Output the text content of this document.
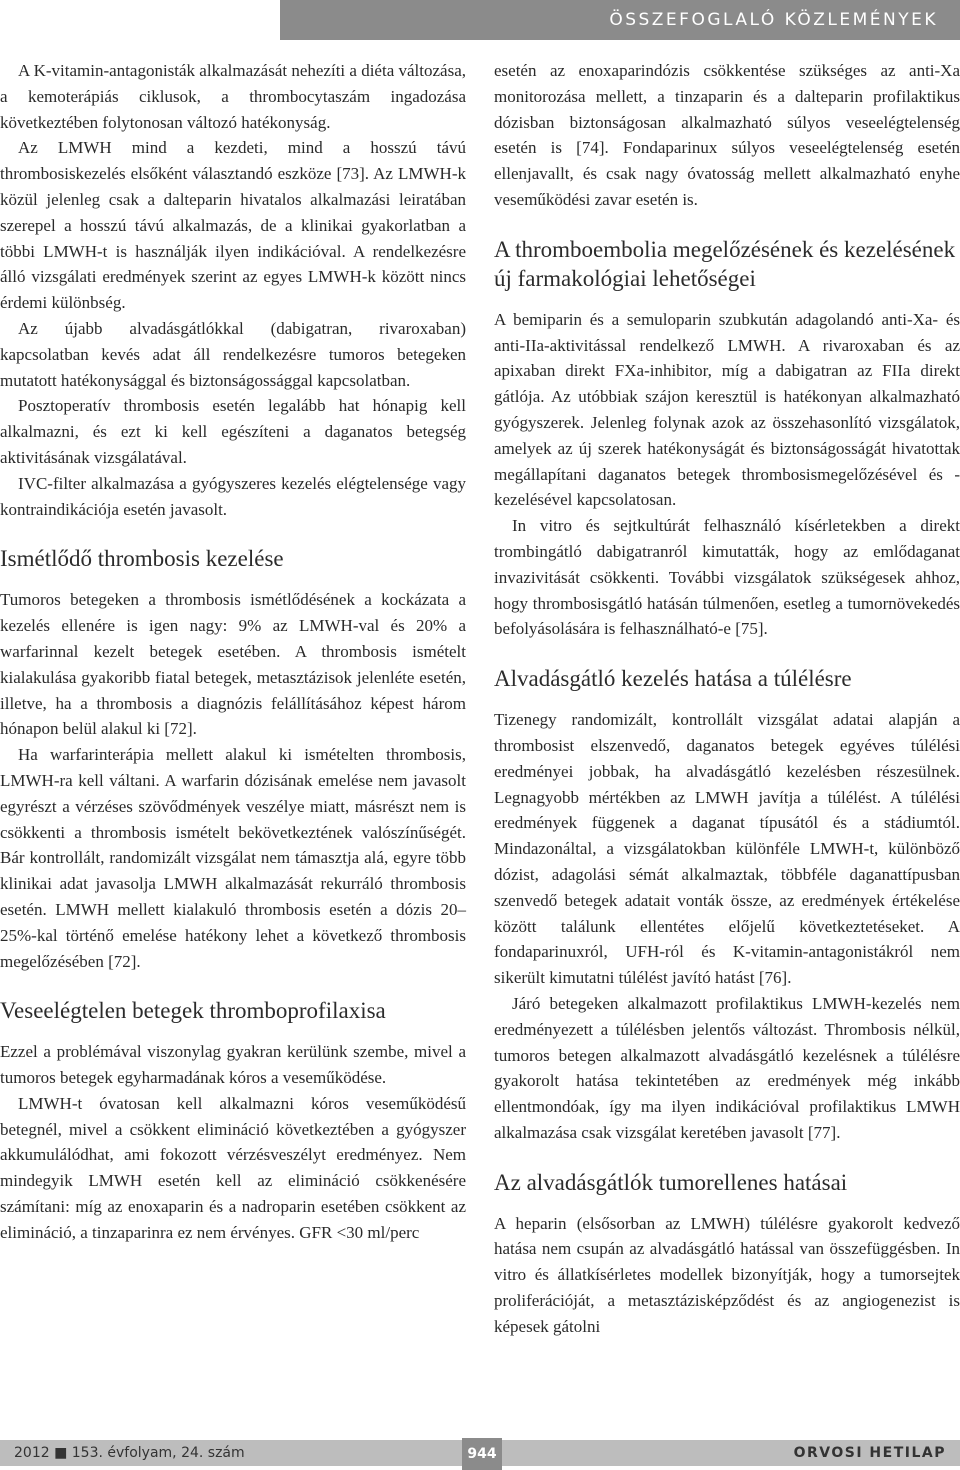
ÖSSZEFOGLALÓ KÖZLEMÉNYEK

A K-vitamin-antagonisták alkalmazását nehezíti a diéta változása, a kemoterápiás ciklusok, a thrombocytaszám ingadozása következtében folytonosan változó hatékonyság.

Az LMWH mind a kezdeti, mind a hosszú távú thrombosiskezelés elsőként választandó eszköze [73]. Az LMWH-k közül jelenleg csak a dalteparin hivatalos alkalmazási leiratában szerepel a hosszú távú alkalmazás, de a klinikai gyakorlatban a többi LMWH-t is használják ilyen indikációval. A rendelkezésre álló vizsgálati eredmények szerint az egyes LMWH-k között nincs érdemi különbség.

Az újabb alvadásgátlókkal (dabigatran, rivaroxaban) kapcsolatban kevés adat áll rendelkezésre tumoros betegeken mutatott hatékonysággal és biztonságossággal kapcsolatban.

Posztoperatív thrombosis esetén legalább hat hónapig kell alkalmazni, és ezt ki kell egészíteni a daganatos betegség aktivitásának vizsgálatával.

IVC-filter alkalmazása a gyógyszeres kezelés elégtelensége vagy kontraindikációja esetén javasolt.

Ismétlődő thrombosis kezelése

Tumoros betegeken a thrombosis ismétlődésének a kockázata a kezelés ellenére is igen nagy: 9% az LMWH-val és 20% a warfarinnal kezelt betegek esetében. A thrombosis ismételt kialakulása gyakoribb fiatal betegek, metasztázisok jelenléte esetén, illetve, ha a thrombosis a diagnózis felállításához képest három hónapon belül alakul ki [72].

Ha warfarinterápia mellett alakul ki ismételten thrombosis, LMWH-ra kell váltani. A warfarin dózisának emelése nem javasolt egyrészt a vérzéses szövődmények veszélye miatt, másrészt nem is csökkenti a thrombosis ismételt bekövetkeztének valószínűségét. Bár kontrollált, randomizált vizsgálat nem támasztja alá, egyre több klinikai adat javasolja LMWH alkalmazását rekurráló thrombosis esetén. LMWH mellett kialakuló thrombosis esetén a dózis 20–25%-kal történő emelése hatékony lehet a következő thrombosis megelőzésében [72].

Veseelégtelen betegek thromboprofilaxisa

Ezzel a problémával viszonylag gyakran kerülünk szembe, mivel a tumoros betegek egyharmadának kóros a veseműködése.

LMWH-t óvatosan kell alkalmazni kóros veseműködésű betegnél, mivel a csökkent elimináció következtében a gyógyszer akkumulálódhat, ami fokozott vérzésveszélyt eredményez. Nem mindegyik LMWH esetén kell az elimináció csökkenésére számítani: míg az enoxaparin és a nadroparin esetében csökkent az elimináció, a tinzaparinra ez nem érvényes. GFR <30 ml/perc

esetén az enoxaparindózis csökkentése szükséges az anti-Xa monitorozása mellett, a tinzaparin és a dalteparin profilaktikus dózisban biztonságosan alkalmazható súlyos veseelégtelenség esetén is [74]. Fondaparinux súlyos veseelégtelenség esetén ellenjavallt, és csak nagy óvatosság mellett alkalmazható enyhe veseműködési zavar esetén is.

A thromboembolia megelőzésének és kezelésének új farmakológiai lehetőségei

A bemiparin és a semuloparin szubkután adagolandó anti-Xa- és anti-IIa-aktivitással rendelkező LMWH. A rivaroxaban és az apixaban direkt FXa-inhibitor, míg a dabigatran az FIIa direkt gátlója. Az utóbbiak szájon keresztül is hatékonyan alkalmazható gyógyszerek. Jelenleg folynak azok az összehasonlító vizsgálatok, amelyek az új szerek hatékonyságát és biztonságosságát hivatottak megállapítani daganatos betegek thrombosismegelőzésével és -kezelésével kapcsolatosan.

In vitro és sejtkultúrát felhasználó kísérletekben a direkt trombingátló dabigatranról kimutatták, hogy az emlődaganat invazivitását csökkenti. További vizsgálatok szükségesek ahhoz, hogy thrombosisgátló hatásán túlmenően, esetleg a tumornövekedés befolyásolására is felhasználható-e [75].

Alvadásgátló kezelés hatása a túlélésre

Tizenegy randomizált, kontrollált vizsgálat adatai alapján a thrombosist elszenvedő, daganatos betegek egyéves túlélési eredményei jobbak, ha alvadásgátló kezelésben részesülnek. Legnagyobb mértékben az LMWH javítja a túlélést. A túlélési eredmények függenek a daganat típusától és a stádiumtól. Mindazonáltal, a vizsgálatokban különféle LMWH-t, különböző dózist, adagolási sémát alkalmaztak, többféle daganattípusban szenvedő betegek adatait vonták össze, az eredmények értékelése között találunk ellentétes előjelű következtetéseket. A fondaparinuxról, UFH-ról és K-vitamin-antagonistákról nem sikerült kimutatni túlélést javító hatást [76].

Járó betegeken alkalmazott profilaktikus LMWH-kezelés nem eredményezett a túlélésben jelentős változást. Thrombosis nélkül, tumoros betegen alkalmazott alvadásgátló kezelésnek a túlélésre gyakorolt hatása tekintetében az eredmények még inkább ellentmondóak, így ma ilyen indikációval profilaktikus LMWH alkalmazása csak vizsgálat keretében javasolt [77].

Az alvadásgátlók tumorellenes hatásai

A heparin (elsősorban az LMWH) túlélésre gyakorolt kedvező hatása nem csupán az alvadásgátló hatással van összefüggésben. In vitro és állatkísérletes modellek bizonyítják, hogy a tumorsejtek proliferációját, a metasztázisképződést és az angiogenezist is képesek gátolni

2012 ■ 153. évfolyam, 24. szám	944	ORVOSI HETILAP
